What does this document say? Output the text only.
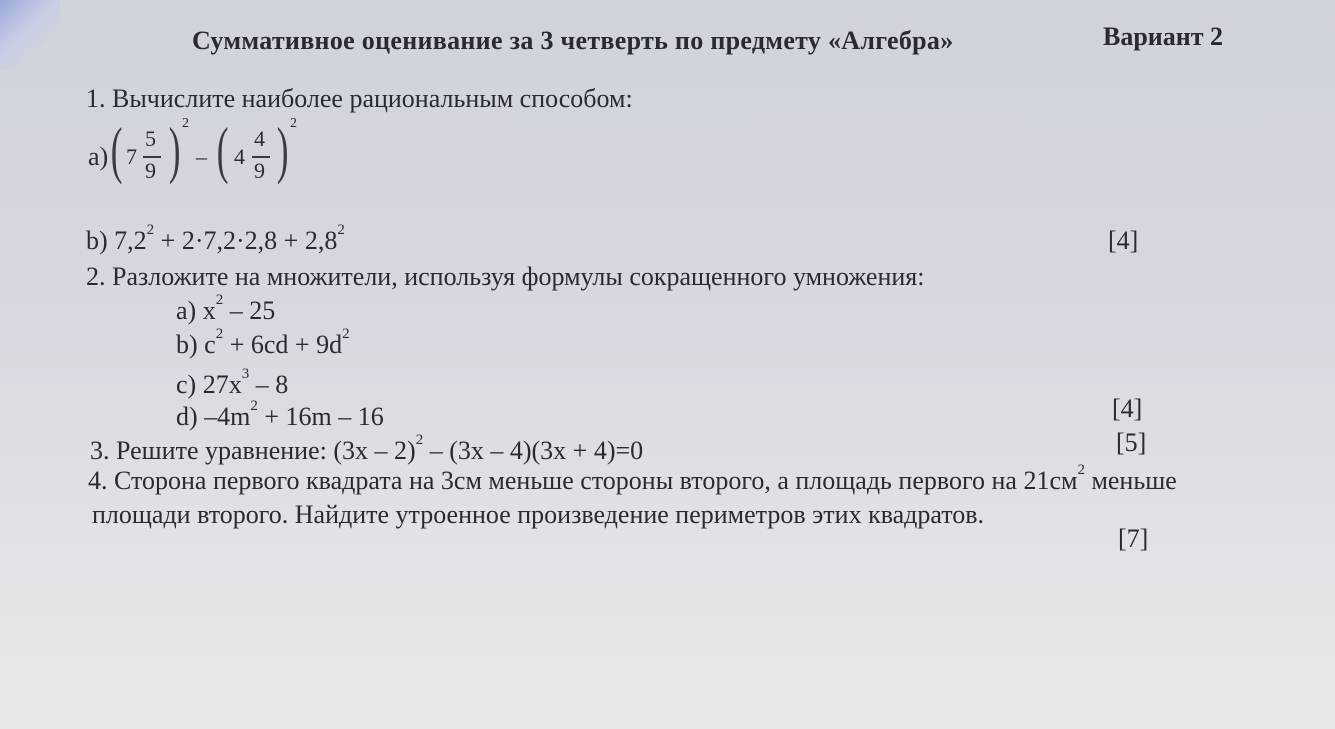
Суммативное оценивание за 3 четверть по предмету «Алгебра»	Вариант 2
1. Вычислите наиболее рациональным способом:
a) ( 7
5
9 ) 2
– ( 4
4
9 ) 2
b) $7,2^2 + 2\cdot 7,2\cdot 2,8 + 2,8^2$	[4]
2. Разложите на множители, используя формулы сокращенного умножения:
a) $x^2 - 25$
b) $c^2 + 6cd + 9d^2$
c) $27x^3 - 8$
d) $-4m^2 + 16m - 16$	[4]
3. Решите уравнение: (3x – 2)$^2$ – (3x – 4)(3x + 4)=0	[5]
4. Сторона первого квадрата на 3см меньше стороны второго, а площадь первого на $21см^2$ меньше
площади второго. Найдите утроенное произведение периметров этих квадратов.
[7]
